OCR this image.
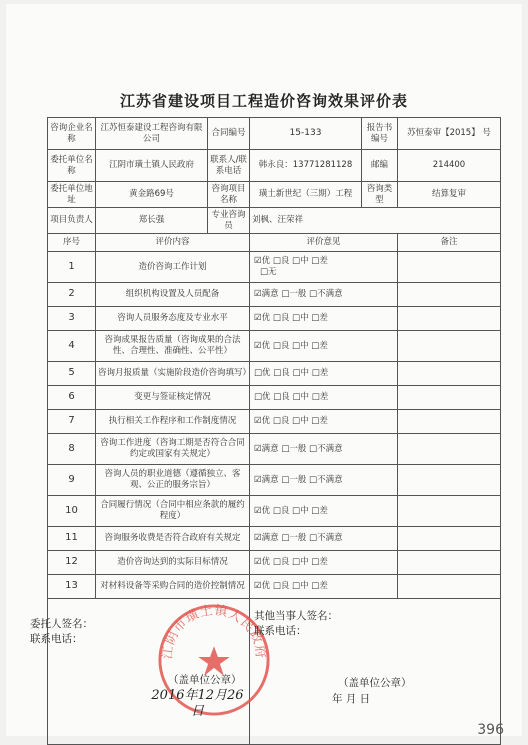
江苏省建设项目工程造价咨询效果评价表
咨询企业名称	江苏恒泰建设工程咨询有限公司	合同编号	15-133	报告书编号	苏恒泰审【2015】 号
委托单位名称	江阴市璜土镇人民政府	联系人/联系电话	韩永良：13771281128	邮编	214400
委托单位地址	黄金路69号	咨询项目名称	璜土新世纪（三期）工程	咨询类型	结算复审
项目负责人	郑长强	专业咨询员	刘枫、汪荣祥		
序号	评价内容		评价意见		备注
1	造价咨询工作计划		☑优 □良 □中 □差
□无		

2	组织机构设置及人员配备		☑满意 □一般 □不满意		
3	咨询人员服务态度及专业水平		☑优 □良 □中 □差		
4	咨询成果报告质量（咨询成果的合法性、合理性、准确性、公平性）		☑优 □良 □中 □差		
5	咨询月报质量（实施阶段造价咨询填写）		□优 □良 □中 □差		
6	变更与签证核定情况		□优 □良 □中 □差		
7	执行相关工作程序和工作制度情况		☑优 □良 □中 □差		
8	咨询工作进度（咨询工期是否符合合同约定或国家有关规定）		☑满意 □一般 □不满意		
9	咨询人员的职业道德（遵循独立、客观、公正的服务宗旨）		☑满意 □一般 □不满意		
10	合同履行情况（合同中相应条款的履约程度）		☑优 □良 □中 □差		
11	咨询服务收费是否符合政府有关规定		☑满意 □一般 □不满意		
12	造价咨询达到的实际目标情况		☑优 □良 □中 □差		
13	对材料设备等采购合同的造价控制情况		☑优 □良 □中 □差		

委托人签名：
联系电话：
江阴市璜土镇人民政府
（盖单位公章）
2016年12月26日			其他当事人签名：
联系电话：
（盖单位公章）
年 月 日		
396
